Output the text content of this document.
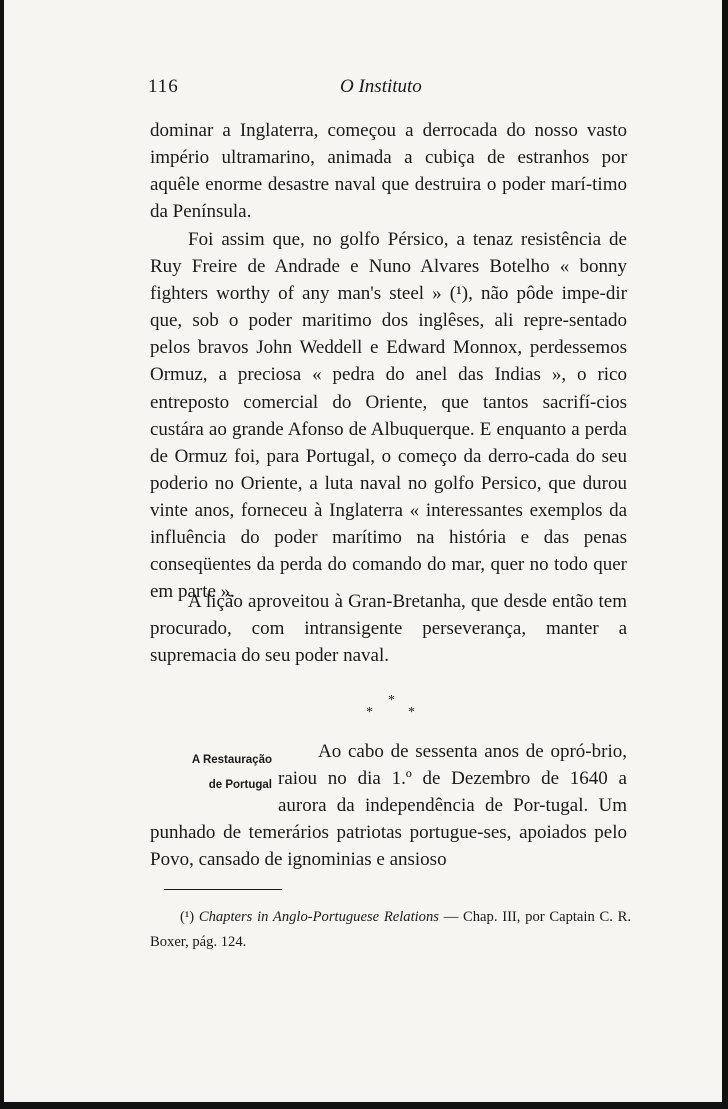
116	O Instituto

dominar a Inglaterra, começou a derrocada do nosso vasto império ultramarino, animada a cubiça de estranhos por aquêle enorme desastre naval que destruira o poder marí-timo da Península.

Foi assim que, no golfo Pérsico, a tenaz resistência de Ruy Freire de Andrade e Nuno Alvares Botelho « bonny fighters worthy of any man's steel » (¹), não pôde impe-dir que, sob o poder maritimo dos inglêses, ali repre-sentado pelos bravos John Weddell e Edward Monnox, perdessemos Ormuz, a preciosa « pedra do anel das Indias », o rico entreposto comercial do Oriente, que tantos sacrifí-cios custára ao grande Afonso de Albuquerque. E enquanto a perda de Ormuz foi, para Portugal, o começo da derro-cada do seu poderio no Oriente, a luta naval no golfo Persico, que durou vinte anos, forneceu à Inglaterra « interessantes exemplos da influência do poder marítimo na história e das penas conseqüentes da perda do comando do mar, quer no todo quer em parte ».

A lição aproveitou à Gran-Bretanha, que desde então tem procurado, com intransigente perseverança, manter a supremacia do seu poder naval.

*
*	*
A Restauração
de Portugal
Ao cabo de sessenta anos de opró-brio, raiou no dia 1.º de Dezembro de 1640 a aurora da independência de Por-tugal. Um punhado de temerários patriotas portugue-ses, apoiados pelo Povo, cansado de ignominias e ansioso
(¹) Chapters in Anglo-Portuguese Relations — Chap. III, por Captain C. R. Boxer, pág. 124.
